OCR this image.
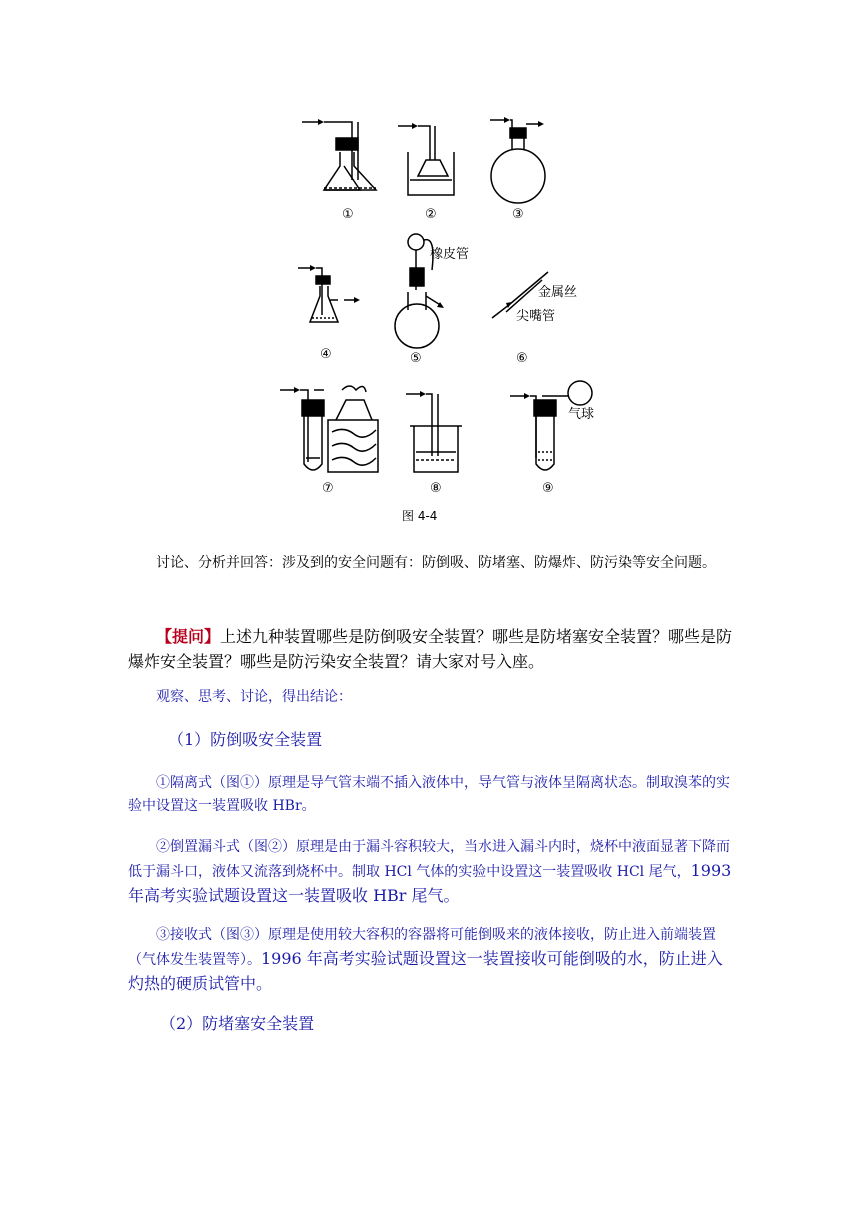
①	②	③
橡皮管
金属丝
尖嘴管
④	⑤	⑥
气球
⑦	⑧	⑨
图 4-4

讨论、分析并回答：涉及到的安全问题有：防倒吸、防堵塞、防爆炸、防污染等安全问题。

【提问】上述九种装置哪些是防倒吸安全装置？哪些是防堵塞安全装置？哪些是防爆炸安全装置？哪些是防污染安全装置？请大家对号入座。

观察、思考、讨论，得出结论：

（1）防倒吸安全装置

①隔离式（图①）原理是导气管末端不插入液体中，导气管与液体呈隔离状态。制取溴苯的实验中设置这一装置吸收 HBr。

②倒置漏斗式（图②）原理是由于漏斗容积较大，当水进入漏斗内时，烧杯中液面显著下降而低于漏斗口，液体又流落到烧杯中。制取 HCl 气体的实验中设置这一装置吸收 HCl 尾气，1993 年高考实验试题设置这一装置吸收 HBr 尾气。

③接收式（图③）原理是使用较大容积的容器将可能倒吸来的液体接收，防止进入前端装置（气体发生装置等）。1996 年高考实验试题设置这一装置接收可能倒吸的水，防止进入灼热的硬质试管中。

（2）防堵塞安全装置
